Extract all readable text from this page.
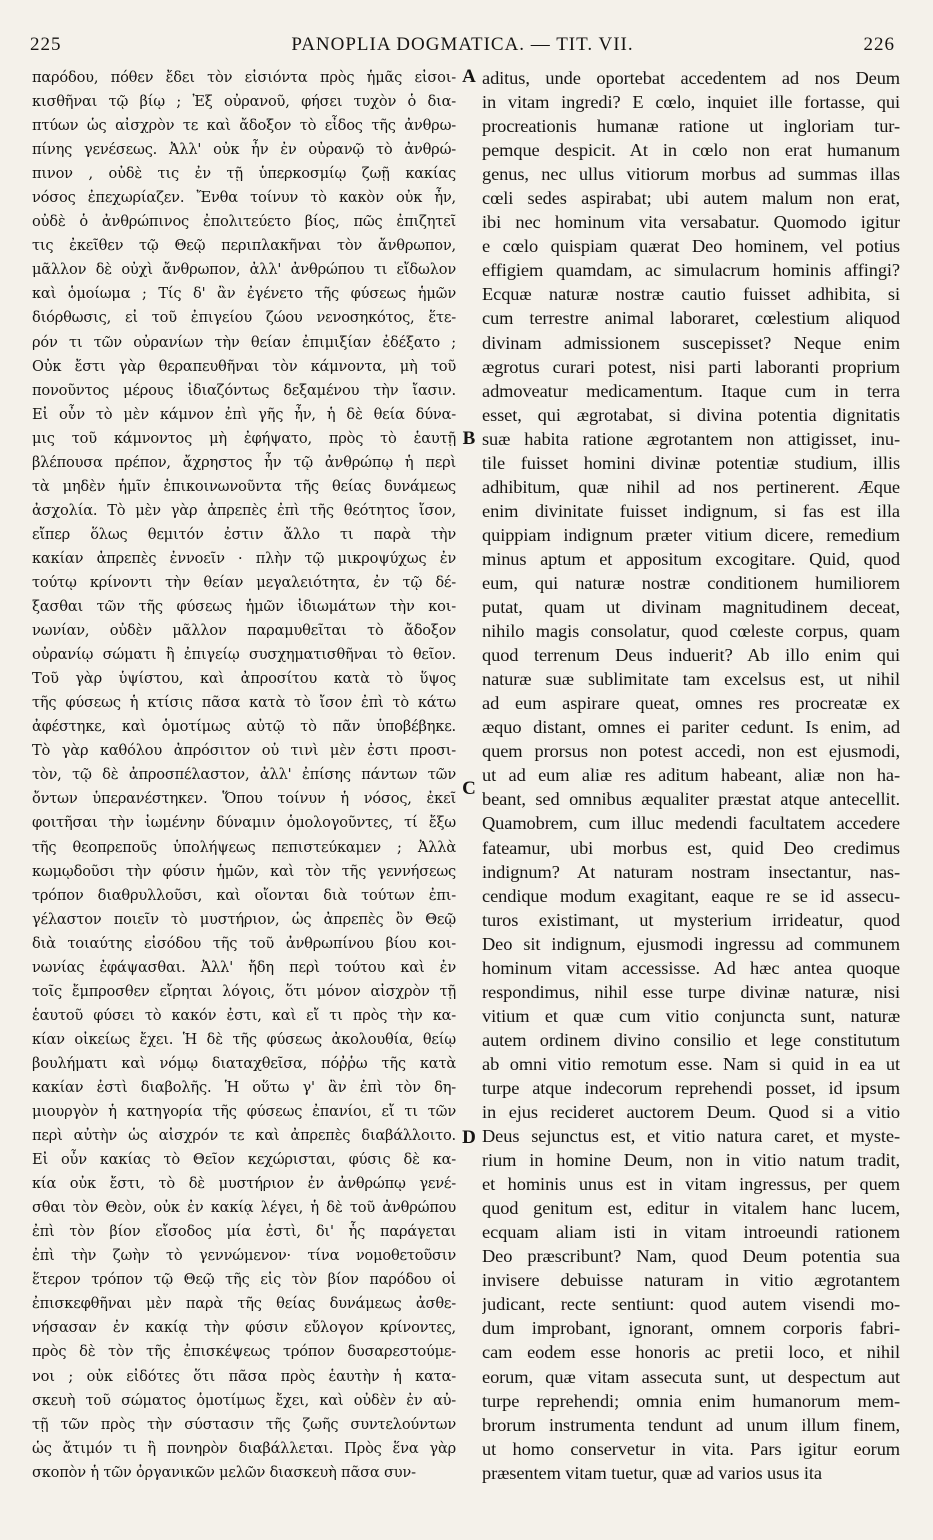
225	PANOPLIA DOGMATICA. — TIT. VII.	226
παρόδου, πόθεν ἔδει τὸν εἰσιόντα πρὸς ἡμᾶς εἰσοι-
κισθῆναι τῷ βίῳ ; Ἐξ οὐρανοῦ, φήσει τυχὸν ὁ δια-
πτύων ὡς αἰσχρὸν τε καὶ ἄδοξον τὸ εἶδος τῆς ἀνθρω-
πίνης γενέσεως. Ἀλλ' οὐκ ἦν ἐν οὐρανῷ τὸ ἀνθρώ-
πινον , οὐδὲ τις ἐν τῇ ὑπερκοσμίῳ ζωῇ κακίας
νόσος ἐπεχωρίαζεν. Ἔνθα τοίνυν τὸ κακὸν οὐκ ἦν,
οὐδὲ ὁ ἀνθρώπινος ἐπολιτεύετο βίος, πῶς ἐπιζητεῖ
τις ἐκεῖθεν τῷ Θεῷ περιπλακῆναι τὸν ἄνθρωπον,
μᾶλλον δὲ οὐχὶ ἄνθρωπον, ἀλλ' ἀνθρώπου τι εἴδωλον
καὶ ὁμοίωμα ; Τίς δ' ἂν ἐγένετο τῆς φύσεως ἡμῶν
διόρθωσις, εἰ τοῦ ἐπιγείου ζώου νενοσηκότος, ἕτε-
ρόν τι τῶν οὐρανίων τὴν θείαν ἐπιμιξίαν ἐδέξατο ;
Οὐκ ἔστι γὰρ θεραπευθῆναι τὸν κάμνοντα, μὴ τοῦ
πονοῦντος μέρους ἰδιαζόντως δεξαμένου τὴν ἴασιν.
Εἰ οὖν τὸ μὲν κάμνον ἐπὶ γῆς ἦν, ἡ δὲ θεία δύνα-
μις τοῦ κάμνοντος μὴ ἐφήψατο, πρὸς τὸ ἑαυτῇ
βλέπουσα πρέπον, ἄχρηστος ἦν τῷ ἀνθρώπῳ ἡ περὶ
τὰ μηδὲν ἡμῖν ἐπικοινωνοῦντα τῆς θείας δυνάμεως
ἀσχολία. Τὸ μὲν γὰρ ἀπρεπὲς ἐπὶ τῆς θεότητος ἴσον,
εἴπερ ὅλως θεμιτόν ἐστιν ἄλλο τι παρὰ τὴν
κακίαν ἀπρεπὲς ἐννοεῖν · πλὴν τῷ μικροψύχως ἐν
τούτῳ κρίνοντι τὴν θείαν μεγαλειότητα, ἐν τῷ δέ-
ξασθαι τῶν τῆς φύσεως ἡμῶν ἰδιωμάτων τὴν κοι-
νωνίαν, οὐδὲν μᾶλλον παραμυθεῖται τὸ ἄδοξον
οὐρανίῳ σώματι ἢ ἐπιγείῳ συσχηματισθῆναι τὸ θεῖον.
Τοῦ γὰρ ὑψίστου, καὶ ἀπροσίτου κατὰ τὸ ὕψος
τῆς φύσεως ἡ κτίσις πᾶσα κατὰ τὸ ἴσον ἐπὶ τὸ κάτω
ἀφέστηκε, καὶ ὁμοτίμως αὐτῷ τὸ πᾶν ὑποβέβηκε.
Τὸ γὰρ καθόλου ἀπρόσιτον οὐ τινὶ μὲν ἐστι προσι-
τὸν, τῷ δὲ ἀπροσπέλαστον, ἀλλ' ἐπίσης πάντων τῶν
ὄντων ὑπερανέστηκεν. Ὅπου τοίνυν ἡ νόσος, ἐκεῖ
φοιτῆσαι τὴν ἰωμένην δύναμιν ὁμολογοῦντες, τί ἔξω
τῆς θεοπρεποῦς ὑπολήψεως πεπιστεύκαμεν ; Ἀλλὰ
κωμῳδοῦσι τὴν φύσιν ἡμῶν, καὶ τὸν τῆς γεννήσεως
τρόπον διαθρυλλοῦσι, καὶ οἴονται διὰ τούτων ἐπι-
γέλαστον ποιεῖν τὸ μυστήριον, ὡς ἀπρεπὲς ὂν Θεῷ
διὰ τοιαύτης εἰσόδου τῆς τοῦ ἀνθρωπίνου βίου κοι-
νωνίας ἐφάψασθαι. Ἀλλ' ἤδη περὶ τούτου καὶ ἐν
τοῖς ἔμπροσθεν εἴρηται λόγοις, ὅτι μόνον αἰσχρὸν τῇ
ἑαυτοῦ φύσει τὸ κακόν ἐστι, καὶ εἴ τι πρὸς τὴν κα-
κίαν οἰκείως ἔχει. Ἡ δὲ τῆς φύσεως ἀκολουθία, θείῳ
βουλήματι καὶ νόμῳ διαταχθεῖσα, πόῤῥω τῆς κατὰ
κακίαν ἐστὶ διαβολῆς. Ἡ οὕτω γ' ἂν ἐπὶ τὸν δη-
μιουργὸν ἡ κατηγορία τῆς φύσεως ἐπανίοι, εἴ τι τῶν
περὶ αὐτὴν ὡς αἰσχρόν τε καὶ ἀπρεπὲς διαβάλλοιτο.
Εἰ οὖν κακίας τὸ Θεῖον κεχώρισται, φύσις δὲ κα-
κία οὐκ ἔστι, τὸ δὲ μυστήριον ἐν ἀνθρώπῳ γενέ-
σθαι τὸν Θεὸν, οὐκ ἐν κακίᾳ λέγει, ἡ δὲ τοῦ ἀνθρώπου
ἐπὶ τὸν βίον εἴσοδος μία ἐστὶ, δι' ἧς παράγεται
ἐπὶ τὴν ζωὴν τὸ γεννώμενον· τίνα νομοθετοῦσιν
ἕτερον τρόπον τῷ Θεῷ τῆς εἰς τὸν βίον παρόδου οἱ
ἐπισκεφθῆναι μὲν παρὰ τῆς θείας δυνάμεως ἀσθε-
νήσασαν ἐν κακίᾳ τὴν φύσιν εὔλογον κρίνοντες,
πρὸς δὲ τὸν τῆς ἐπισκέψεως τρόπον δυσαρεστούμε-
νοι ; οὐκ εἰδότες ὅτι πᾶσα πρὸς ἑαυτὴν ἡ κατα-
σκευὴ τοῦ σώματος ὁμοτίμως ἔχει, καὶ οὐδὲν ἐν αὐ-
τῇ τῶν πρὸς τὴν σύστασιν τῆς ζωῆς συντελούντων
ὡς ἄτιμόν τι ἢ πονηρὸν διαβάλλεται. Πρὸς ἕνα γὰρ
σκοπὸν ἡ τῶν ὀργανικῶν μελῶν διασκευὴ πᾶσα συν-
A
B
C
D
aditus, unde oportebat accedentem ad nos Deum
in vitam ingredi? E cœlo, inquiet ille fortasse, qui
procreationis humanæ ratione ut ingloriam tur-
pemque despicit. At in cœlo non erat humanum
genus, nec ullus vitiorum morbus ad summas illas
cœli sedes aspirabat; ubi autem malum non erat,
ibi nec hominum vita versabatur. Quomodo igitur
e cœlo quispiam quærat Deo hominem, vel potius
effigiem quamdam, ac simulacrum hominis affingi?
Ecquæ naturæ nostræ cautio fuisset adhibita, si
cum terrestre animal laboraret, cœlestium aliquod
divinam admissionem suscepisset? Neque enim
ægrotus curari potest, nisi parti laboranti proprium
admoveatur medicamentum. Itaque cum in terra
esset, qui ægrotabat, si divina potentia dignitatis
suæ habita ratione ægrotantem non attigisset, inu-
tile fuisset homini divinæ potentiæ studium, illis
adhibitum, quæ nihil ad nos pertinerent. Æque
enim divinitate fuisset indignum, si fas est illa
quippiam indignum præter vitium dicere, remedium
minus aptum et appositum excogitare. Quid, quod
eum, qui naturæ nostræ conditionem humiliorem
putat, quam ut divinam magnitudinem deceat,
nihilo magis consolatur, quod cœleste corpus, quam
quod terrenum Deus induerit? Ab illo enim qui
naturæ suæ sublimitate tam excelsus est, ut nihil
ad eum aspirare queat, omnes res procreatæ ex
æquo distant, omnes ei pariter cedunt. Is enim, ad
quem prorsus non potest accedi, non est ejusmodi,
ut ad eum aliæ res aditum habeant, aliæ non ha-
beant, sed omnibus æqualiter præstat atque antecellit.
Quamobrem, cum illuc medendi facultatem accedere
fateamur, ubi morbus est, quid Deo credimus
indignum? At naturam nostram insectantur, nas-
cendique modum exagitant, eaque re se id assecu-
turos existimant, ut mysterium irrideatur, quod
Deo sit indignum, ejusmodi ingressu ad communem
hominum vitam accessisse. Ad hæc antea quoque
respondimus, nihil esse turpe divinæ naturæ, nisi
vitium et quæ cum vitio conjuncta sunt, naturæ
autem ordinem divino consilio et lege constitutum
ab omni vitio remotum esse. Nam si quid in ea ut
turpe atque indecorum reprehendi posset, id ipsum
in ejus recideret auctorem Deum. Quod si a vitio
Deus sejunctus est, et vitio natura caret, et myste-
rium in homine Deum, non in vitio natum tradit,
et hominis unus est in vitam ingressus, per quem
quod genitum est, editur in vitalem hanc lucem,
ecquam aliam isti in vitam introeundi rationem
Deo præscribunt? Nam, quod Deum potentia sua
invisere debuisse naturam in vitio ægrotantem
judicant, recte sentiunt: quod autem visendi mo-
dum improbant, ignorant, omnem corporis fabri-
cam eodem esse honoris ac pretii loco, et nihil
eorum, quæ vitam assecuta sunt, ut despectum aut
turpe reprehendi; omnia enim humanorum mem-
brorum instrumenta tendunt ad unum illum finem,
ut homo conservetur in vita. Pars igitur eorum
præsentem vitam tuetur, quæ ad varios usus ita
